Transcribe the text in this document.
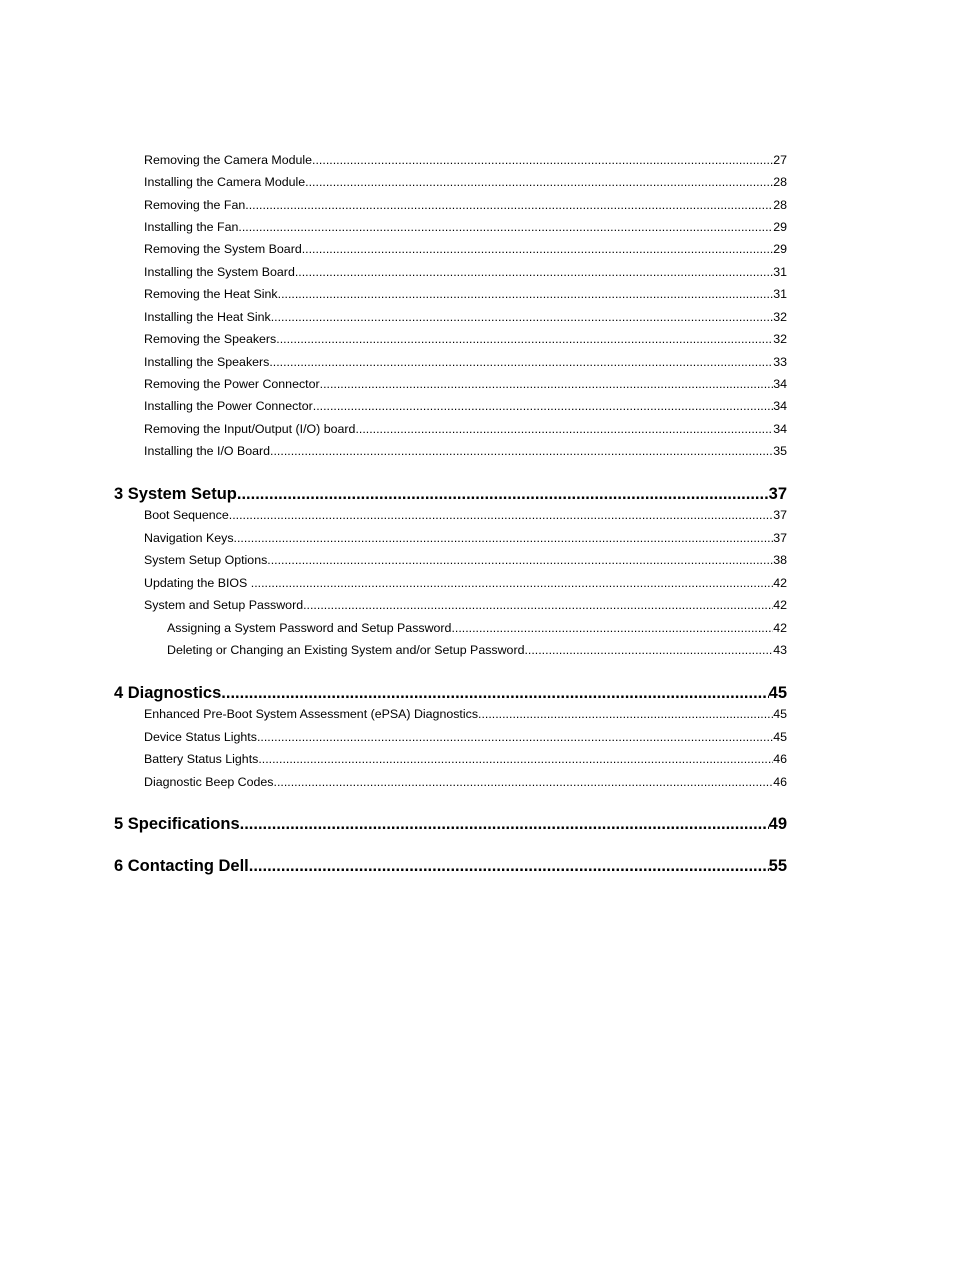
Removing the Camera Module .....	27
Installing the Camera Module .....	28
Removing the Fan .....	28
Installing the Fan .....	29
Removing the System Board .....	29
Installing the System Board .....	31
Removing the Heat Sink .....	31
Installing the Heat Sink .....	32
Removing the Speakers .....	32
Installing the Speakers .....	33
Removing the Power Connector .....	34
Installing the Power Connector .....	34
Removing the Input/Output (I/O) board .....	34
Installing the I/O Board .....	35
3 System Setup .....	37
Boot Sequence .....	37
Navigation Keys .....	37
System Setup Options .....	38
Updating the BIOS .....	42
System and Setup Password .....	42
Assigning a System Password and Setup Password .....	42
Deleting or Changing an Existing System and/or Setup Password .....	43
4 Diagnostics .....	45
Enhanced Pre-Boot System Assessment (ePSA) Diagnostics .....	45
Device Status Lights .....	45
Battery Status Lights .....	46
Diagnostic Beep Codes .....	46
5 Specifications .....	49
6 Contacting Dell .....	55
